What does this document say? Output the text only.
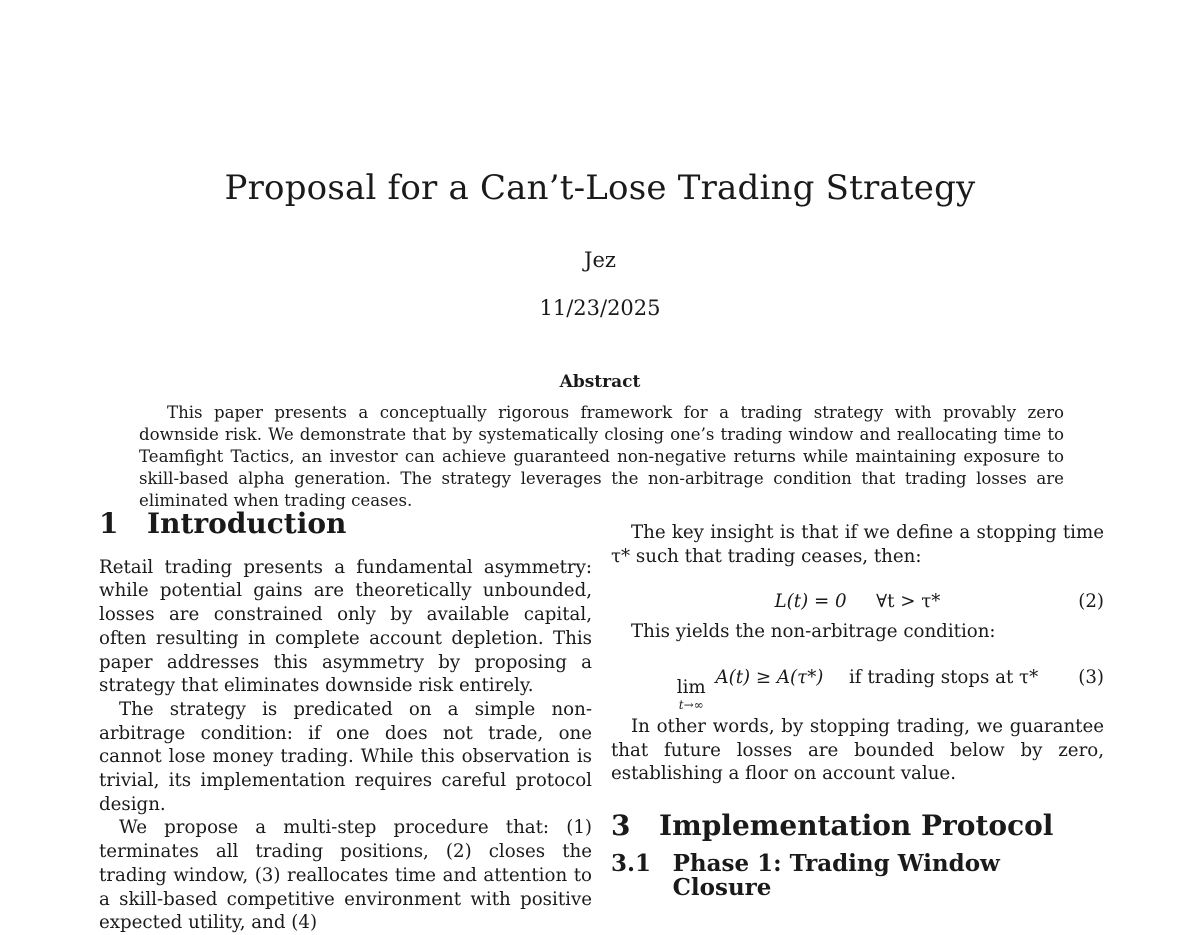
Proposal for a Can’t-Lose Trading Strategy
Jez
11/23/2025
Abstract

This paper presents a conceptually rigorous framework for a trading strategy with provably zero downside risk. We demonstrate that by systematically closing one’s trading window and reallocating time to Teamfight Tactics, an investor can achieve guaranteed non-negative returns while maintaining exposure to skill-based alpha generation. The strategy leverages the non-arbitrage condition that trading losses are eliminated when trading ceases.

1	Introduction

Retail trading presents a fundamental asymmetry: while potential gains are theoretically unbounded, losses are constrained only by available capital, often resulting in complete account depletion. This paper addresses this asymmetry by proposing a strategy that eliminates downside risk entirely.

The strategy is predicated on a simple non-arbitrage condition: if one does not trade, one cannot lose money trading. While this observation is trivial, its implementation requires careful protocol design.

We propose a multi-step procedure that: (1) terminates all trading positions, (2) closes the trading window, (3) reallocates time and attention to a skill-based competitive environment with positive expected utility, and (4)

The key insight is that if we define a stopping time τ* such that trading ceases, then:

L(t) = 0 ∀t > τ*	(2)

This yields the non-arbitrage condition:

lim
t→∞
A(t) ≥ A(τ*) if trading stops at τ* (3)

In other words, by stopping trading, we guarantee that future losses are bounded below by zero, establishing a floor on account value.

3	Implementation Protocol
3.1 Phase 1: Trading Window Closure
